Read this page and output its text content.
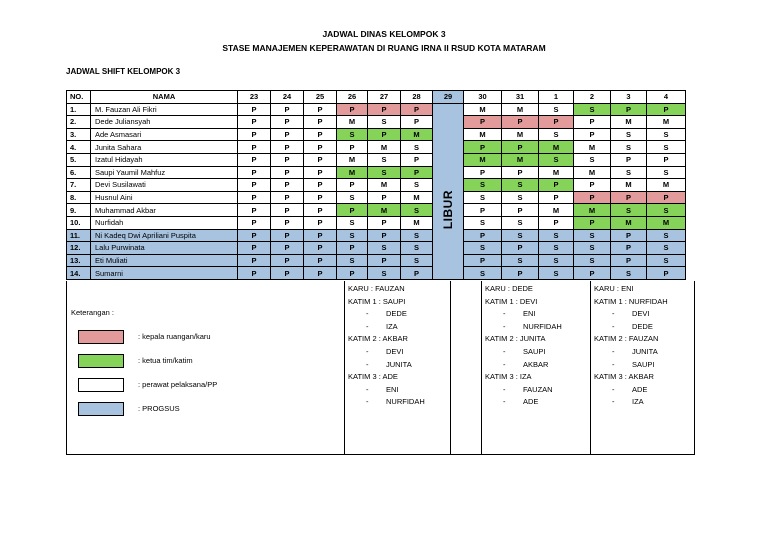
JADWAL DINAS KELOMPOK 3
STASE MANAJEMEN KEPERAWATAN DI RUANG IRNA II RSUD KOTA MATARAM
JADWAL SHIFT KELOMPOK 3
NO.	NAMA	23	24	25	26	27	28	29	30	31	1	2	3	4
1.	M. Fauzan Ali Fikri	P	P	P	P	P	P	LIBUR	M	M	S	S	P	P
2.	Dede Juliansyah	P	P	P	M	S	P		P	P	P	P	M	M
3.	Ade Asmasari	P	P	P	S	P	M		M	M	S	P	S	S
4.	Junita Sahara	P	P	P	P	M	S		P	P	M	M	S	S
5.	Izatul Hidayah	P	P	P	M	S	P		M	M	S	S	P	P
6.	Saupi Yaumil Mahfuz	P	P	P	M	S	P		P	P	M	M	S	S
7.	Devi Susilawati	P	P	P	P	M	S		S	S	P	P	M	M
8.	Husnul Aini	P	P	P	S	P	M		S	S	P	P	P	P
9.	Muhammad Akbar	P	P	P	P	M	S		P	P	M	M	S	S
10.	Nurfidah	P	P	P	S	P	M		S	S	P	P	M	M
11.	Ni Kadeq Dwi Apriliani Puspita	P	P	P	S	P	S		P	S	S	S	P	S
12.	Lalu Purwinata	P	P	P	P	S	S		S	P	S	S	P	S
13.	Eti Muliati	P	P	P	S	P	S		P	S	S	S	P	S
14.	Sumarni	P	P	P	P	S	P		S	P	S	P	S	P
Keterangan :
: kepala ruangan/karu
: ketua tim/katim
: perawat pelaksana/PP
: PROGSUS
KARU : FAUZAN
KATIM 1 : SAUPI
- DEDE
- IZA
KATIM 2 : AKBAR
- DEVI
- JUNITA
KATIM 3 : ADE
- ENI
- NURFIDAH
KARU : DEDE
KATIM 1 : DEVI
- ENI
- NURFIDAH
KATIM 2 : JUNITA
- SAUPI
- AKBAR
KATIM 3 : IZA
- FAUZAN
- ADE
KARU : ENI
KATIM 1 : NURFIDAH
- DEVI
- DEDE
KATIM 2 : FAUZAN
- JUNITA
- SAUPI
KATIM 3 : AKBAR
- ADE
- IZA
